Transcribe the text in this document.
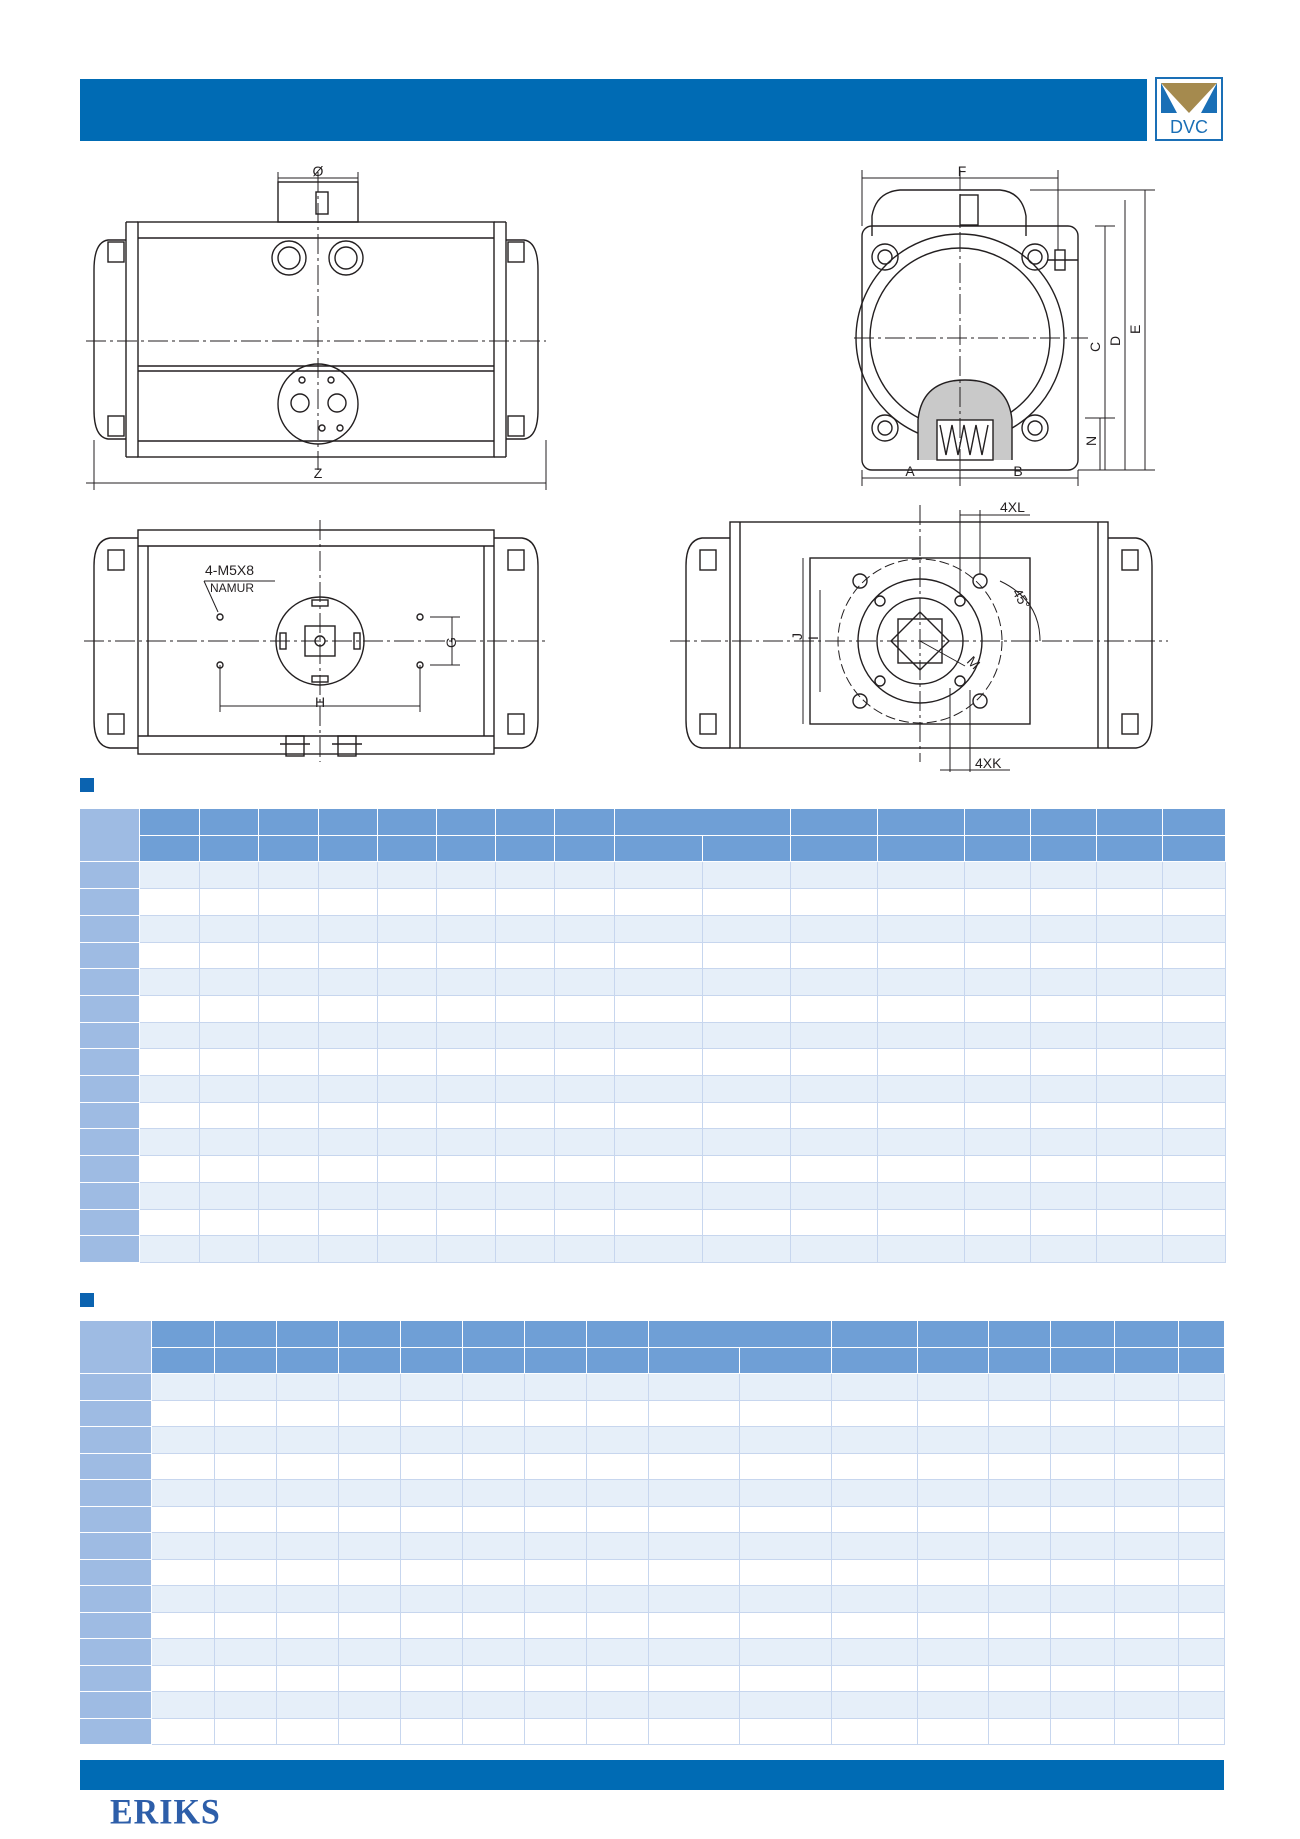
DVC
Ø
Z
F
C
D
E
N
A	B
4-M5X8
NAMUR
G
H
4XL
4XK
J I
M
45°

ERIKS
